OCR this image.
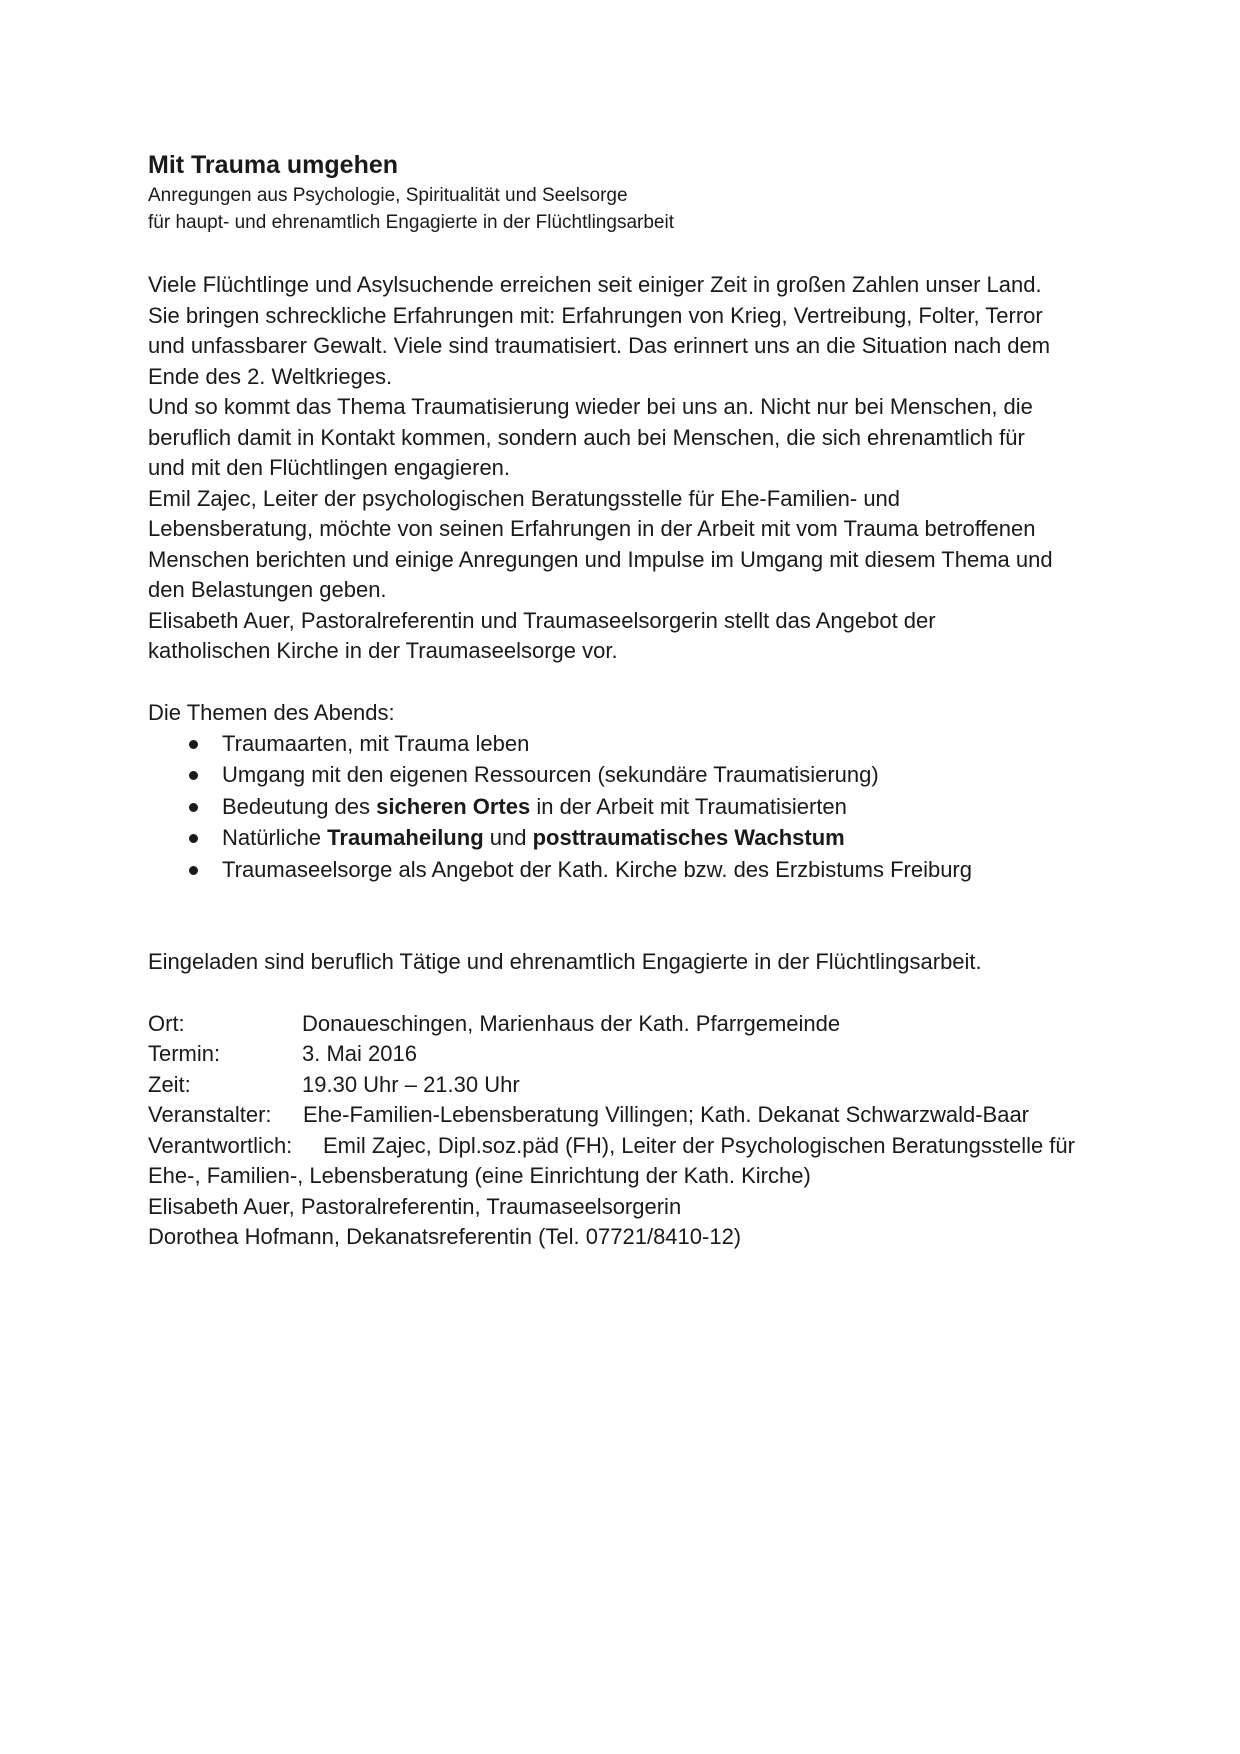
Mit Trauma umgehen

Anregungen aus Psychologie, Spiritualität und Seelsorge

für haupt- und ehrenamtlich Engagierte in der Flüchtlingsarbeit

Viele Flüchtlinge und Asylsuchende erreichen seit einiger Zeit in großen Zahlen unser Land.

Sie bringen schreckliche Erfahrungen mit: Erfahrungen von Krieg, Vertreibung, Folter, Terror

und unfassbarer Gewalt. Viele sind traumatisiert. Das erinnert uns an die Situation nach dem

Ende des 2. Weltkrieges.

Und so kommt das Thema Traumatisierung wieder bei uns an. Nicht nur bei Menschen, die

beruflich damit in Kontakt kommen, sondern auch bei Menschen, die sich ehrenamtlich für

und mit den Flüchtlingen engagieren.

Emil Zajec, Leiter der psychologischen Beratungsstelle für Ehe-Familien- und

Lebensberatung, möchte von seinen Erfahrungen in der Arbeit mit vom Trauma betroffenen

Menschen berichten und einige Anregungen und Impulse im Umgang mit diesem Thema und

den Belastungen geben.

Elisabeth Auer, Pastoralreferentin und Traumaseelsorgerin stellt das Angebot der

katholischen Kirche in der Traumaseelsorge vor.

Die Themen des Abends:

Traumaarten, mit Trauma leben
Umgang mit den eigenen Ressourcen (sekundäre Traumatisierung)
Bedeutung des sicheren Ortes in der Arbeit mit Traumatisierten
Natürliche Traumaheilung und posttraumatisches Wachstum
Traumaseelsorge als Angebot der Kath. Kirche bzw. des Erzbistums Freiburg

Eingeladen sind beruflich Tätige und ehrenamtlich Engagierte in der Flüchtlingsarbeit.

Ort:	Donaueschingen, Marienhaus der Kath. Pfarrgemeinde

Termin:	3. Mai 2016

Zeit:	19.30 Uhr – 21.30 Uhr

Veranstalter: Ehe-Familien-Lebensberatung Villingen; Kath. Dekanat Schwarzwald-Baar

Verantwortlich: Emil Zajec, Dipl.soz.päd (FH), Leiter der Psychologischen Beratungsstelle für

Ehe-, Familien-, Lebensberatung (eine Einrichtung der Kath. Kirche)

Elisabeth Auer, Pastoralreferentin, Traumaseelsorgerin

Dorothea Hofmann, Dekanatsreferentin (Tel. 07721/8410-12)
